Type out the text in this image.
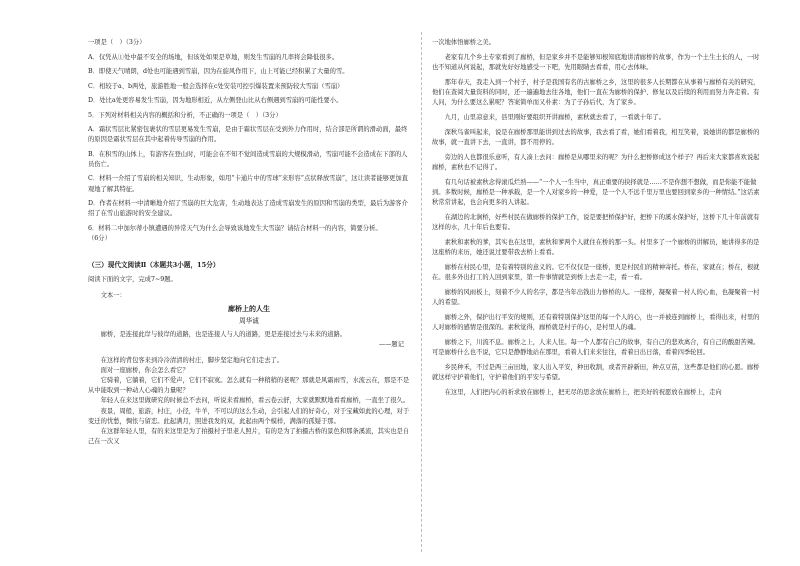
一项是（　）（3分）

A．仅凭从①处中最不安全的场地，但该处如果是草地，则发生雪崩的几率将会降低很多。

B．即使天气晴朗，d处也可能遇到雪崩，因为在旋风作用下，山上可能已经积累了大量的雪。

C．相较于a、b两处，旅游胜地一般会选择在c处安装可控引爆装置来预防较大雪崩（雪崩）

D．处比a处更容易发生雪崩，因为地形相近，从左侧登山比从右侧遇到雪崩的可能性要小。

5．下列对材料相关内容的概括和分析，不正确的一项是（　）（3分）

A．霜状雪层比紧密包裹状的雪层更易发生雪崩，是由于霜状雪层在受到外力作用时，结合部是所谓的滑动面，最终的原因是霜状雪层在其中起着传导雪崩的作用。

B．在积雪的山体上，有游客在登山时，可能会在不知不觉间造成雪崩的大规模滑动，雪崩可能不会造成在下部的人员伤亡。

C．材料一介绍了雪崩的相关知识，生动形象，如用“卡通片中的雪球”来形容“点状释放雪崩”，这让读者能够更加直观地了解其特征。

D．作者在材料一中清晰地介绍了雪崩的巨大危害，生动地表达了造成雪崩发生的原因和雪崩的类型，最后为游客介绍了在雪山旅游时的安全建议。

6．材料二中加尔蒂小镇遭遇的异常天气为什么会导致该地发生大雪崩？请结合材料一的内容，简要分析。

（6分）

（三）现代文阅读Ⅱ（本题共3小题，15分）

阅读下面的文字，完成7~9题。

文本一：

廊桥上的人生

周华诚

廊桥，是连接此岸与彼岸的道路，也是连接人与人的道路，更是连接过去与未来的道路。

——题记

在这样的背包客来到冷冷清清的村庄，脚步坚定地向它们走去了。

面对一座廊桥，你会怎么看它？

它骑着，它躺着，它们不爱声，它们不寂寞。怎么就有一种稍稍的老呢？那就是风霜雨雪，水流云在，那是不是从中能取到一种动人心魂的力量呢？

年轻人在来这里做研究的时候总不去问，听说来看廊桥，看云卷云舒，大家就默默地看看廊桥，一直坐了很久。

夜景，周般，旅游，村庄，小径，牛羊，不可以的这么生动，会引起人们的好奇心，对于宝藏如此的心理，对于变迁的忧愁，惆怅与留恋。此起满月，照进我发的双，此起由两个模样，满落的孤疑于那。

在这群年轻人里，有的来这里是为了拍摄村子里老人照片，有的是为了拍摄古桥的景色和那条溪流，其实也是自己在一次又

一次地体悟廊桥之美。

老家有几个乡土专家看到了廊桥，但是家乡并不是能够知根知底地讲清廊桥的故事，作为一个土生土长的人，一时也不知道从何说起，那就先好好地感受一下吧，先用眼睛去看看，用心去体味。

那年春天，我走入到一个村子，村子是我国有名的古廊桥之乡，这里的很多人长期都在从事着与廊桥有关的研究，他们在查阅大量资料的同时，还一遍遍地去往各地，他们一直在为廊桥的保护、修复以及后续的利用而努力奔走着。有人问，为什么要这么累呢？答案简单而又朴素：为了子孙后代，为了家乡。

九月，山里凉意来，县里刚好要组织开讲廊桥，素秋就去看了，一看就十年了。

深秋鸟雀叫起来，说是在廊桥那里能讲到过去的故事，我去看了看，她们看着我，相互笑着，说她讲的都是廊桥的故事，就一直讲下去，一直讲，都不用停的。

旁边的人也都很乐意听，有人凑上去问：廊桥是从哪里来的呢？为什么把桥修成这个样子？再后来大家都喜欢说起廊桥，素秋也不记得了。

有几句话被素秋念得滚瓜烂熟——“一个人一生当中，真正重要的抉择就是……不是你想不想做，而是你能不能做到。多数时候，廊桥是一种承载，是一个人对家乡的一种爱，是一个人不远千里万里也要回到家乡的一种情结。”这话素秋常常讲起，也会向更多的人讲起。

在湖边的北涧桥，好些村民在做廊桥的保护工作，说是要把桥保护好，把桥下的溪水保护好，这桥下几十年前就有这样的水，几十年后也要有。

素秋和素秋的爹，其实也在这里，素秋和爹两个人就住在桥的那一头。村里多了一个廊桥的讲解员，她讲得多的是这座桥的来历，她还说过要带我去桥上看看。

廊桥在村民心里，是有着特别的意义的。它不仅仅是一座桥，更是村民们的精神寄托。桥在，家就在；桥在，根就在。很多外出打工的人回到家里，第一件事情就是到桥上去走一走，看一看。

廊桥的风雨板上，刻着不少人的名字，都是当年出钱出力修桥的人。一座桥，凝聚着一村人的心血，也凝聚着一村人的希望。

廊桥之外，保护出行平安的规则，还有着特别保护这里的每一个人的心，也一并被连到廊桥上，看得出来，村里的人对廊桥的感情是很深的。素秋觉得，廊桥就是村子的心，是村里人的魂。

廊桥之下，川流不息。廊桥之上，人来人往。每一个人都有自己的故事，有自己的悲欢离合，有自己的酸甜苦辣。可是廊桥什么也不说，它只是静静地站在那里，看着人们来来往往，看着日出日落，看着四季轮回。

乡民种禾，不过是两三亩田地，家人出入平安，种田收割，或者开辟新田，种点豆苗，这些都是他们的心愿。廊桥就这样守护着他们，守护着他们的平安与希望。

在这里，人们把内心的祈求放在廊桥上，把无尽的思念放在廊桥上，把美好的祝愿放在廊桥上，走向
